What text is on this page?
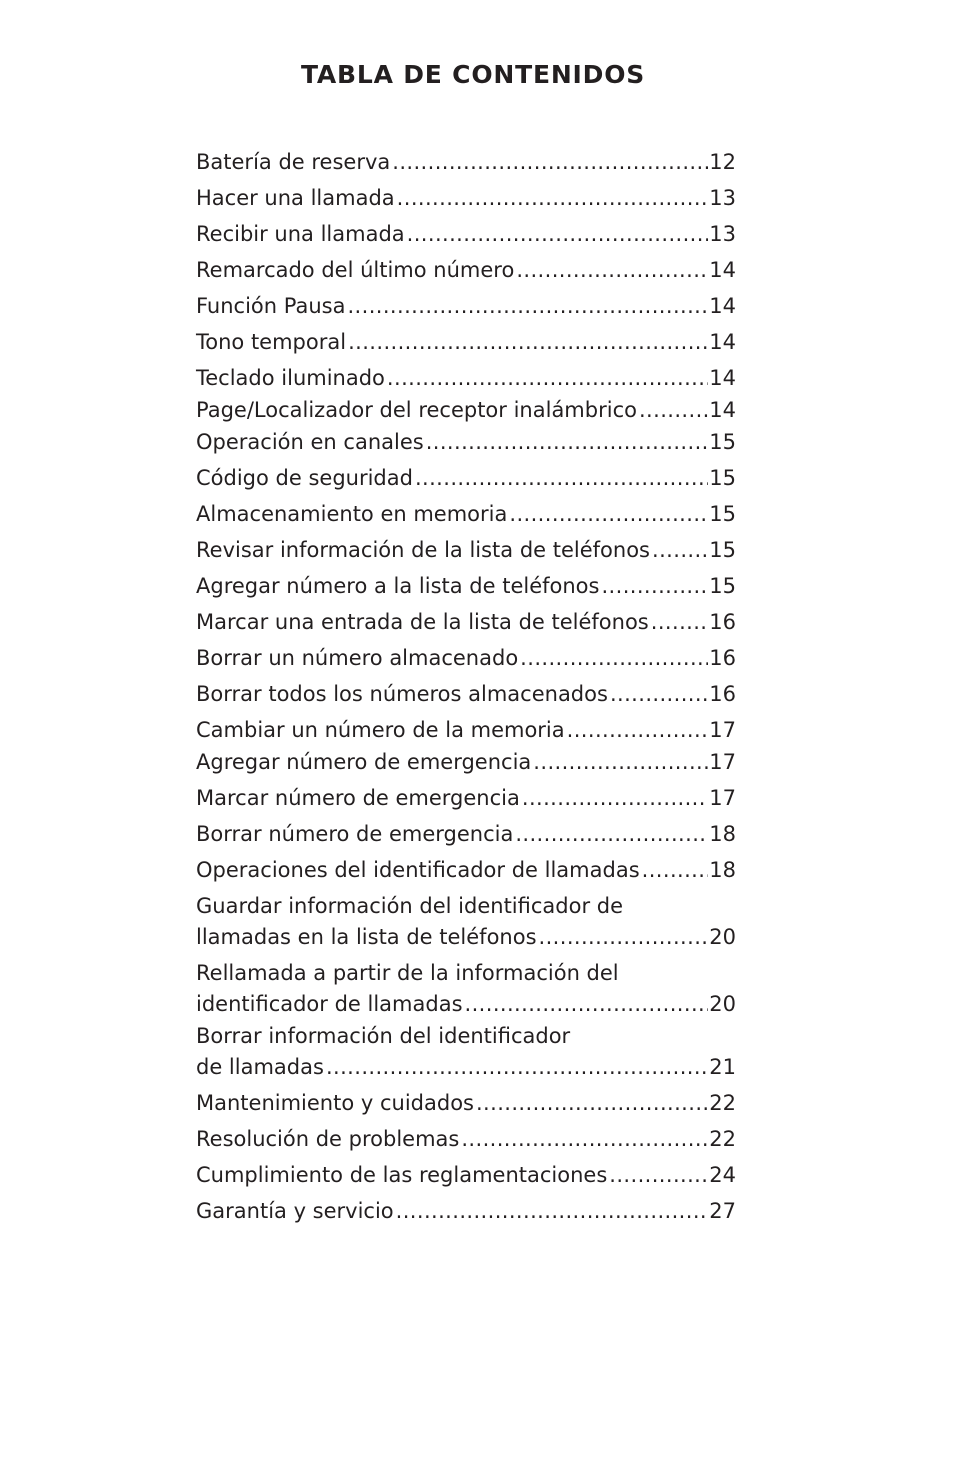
TABLA DE CONTENIDOS
Batería de reserva .....	12
Hacer una llamada .....	13
Recibir una llamada .....	13
Remarcado del último número .....	14
Función Pausa .....	14
Tono temporal .....	14
Teclado iluminado .....	14
Page/Localizador del receptor inalámbrico .....	14
Operación en canales .....	15
Código de seguridad .....	15
Almacenamiento en memoria .....	15
Revisar información de la lista de teléfonos .....	15
Agregar número a la lista de teléfonos .....	15
Marcar una entrada de la lista de teléfonos .....	16
Borrar un número almacenado .....	16
Borrar todos los números almacenados .....	16
Cambiar un número de la memoria .....	17
Agregar número de emergencia .....	17
Marcar número de emergencia .....	17
Borrar número de emergencia .....	18
Operaciones del identificador de llamadas .....	18
Guardar información del identificador de
llamadas en la lista de teléfonos .....	20
Rellamada a partir de la información del
identificador de llamadas .....	20
Borrar información del identificador
de llamadas .....	21
Mantenimiento y cuidados .....	22
Resolución de problemas .....	22
Cumplimiento de las reglamentaciones .....	24
Garantía y servicio .....	27
